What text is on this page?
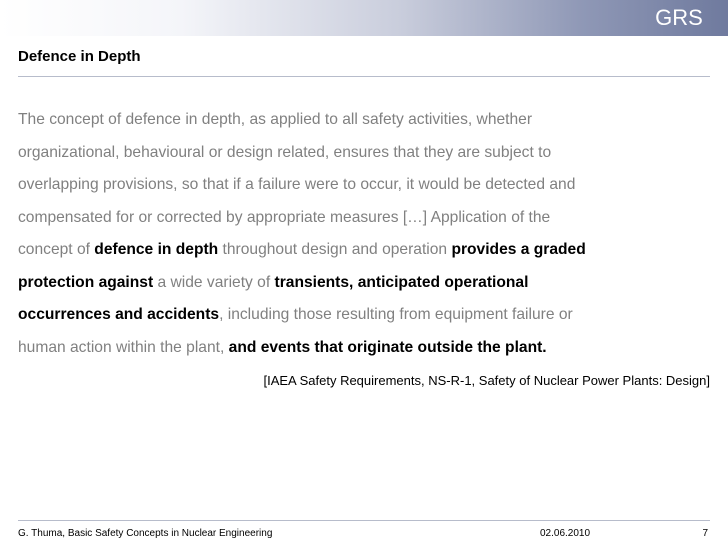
GRS
Defence in Depth
The concept of defence in depth, as applied to all safety activities, whether
organizational, behavioural or design related, ensures that they are subject to
overlapping provisions, so that if a failure were to occur, it would be detected and
compensated for or corrected by appropriate measures […] Application of the
concept of defence in depth throughout design and operation provides a graded
protection against a wide variety of transients, anticipated operational
occurrences and accidents, including those resulting from equipment failure or
human action within the plant, and events that originate outside the plant.
[IAEA Safety Requirements, NS-R-1, Safety of Nuclear Power Plants: Design]
G. Thuma, Basic Safety Concepts in Nuclear Engineering	02.06.2010	7
